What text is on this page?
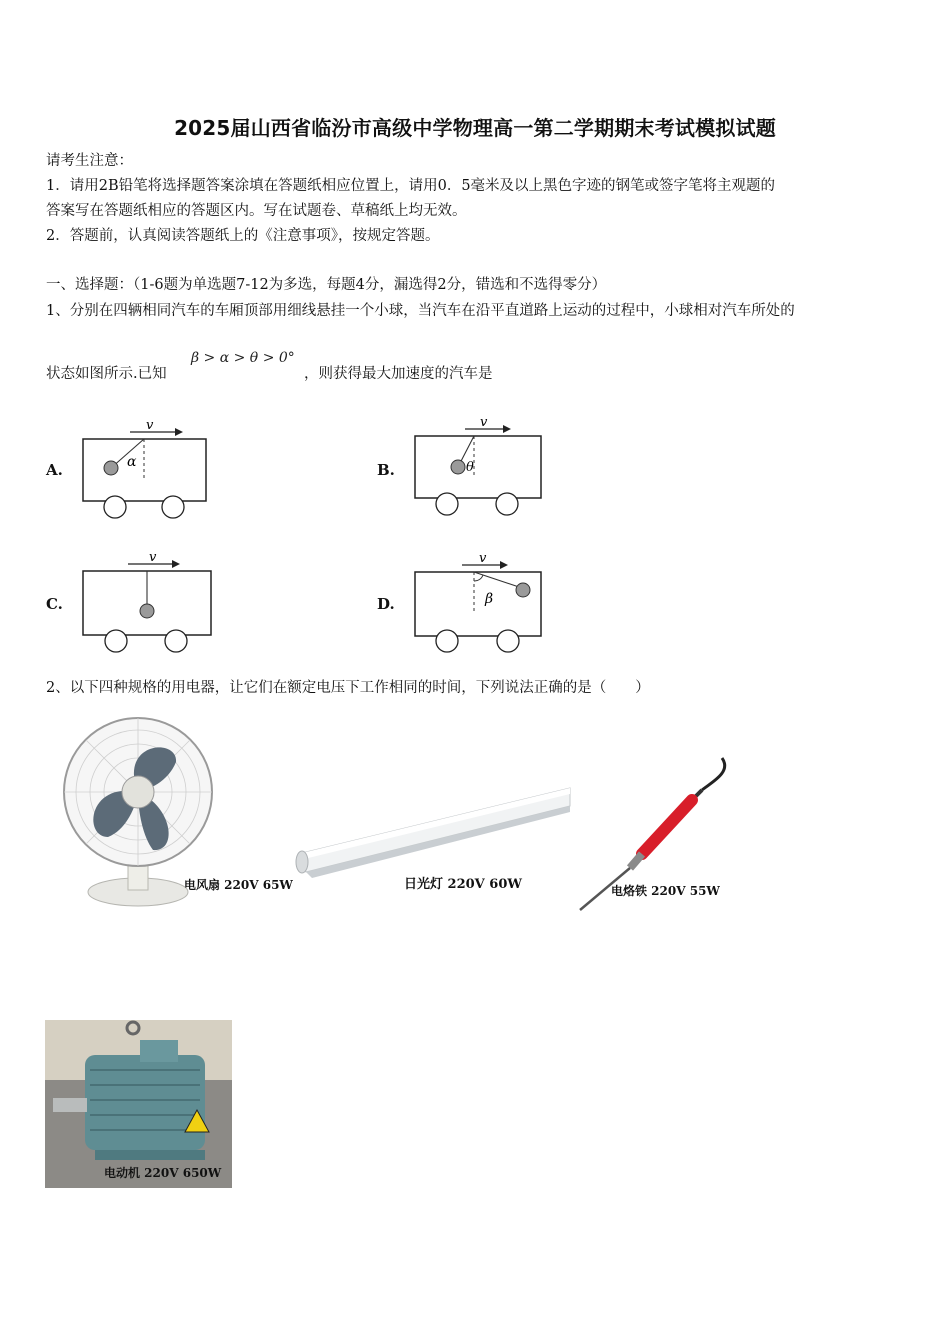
2025届山西省临汾市高级中学物理高一第二学期期末考试模拟试题
请考生注意：
1．请用2B铅笔将选择题答案涂填在答题纸相应位置上，请用0．5毫米及以上黑色字迹的钢笔或签字笔将主观题的
答案写在答题纸相应的答题区内。写在试题卷、草稿纸上均无效。
2．答题前，认真阅读答题纸上的《注意事项》，按规定答题。
一、选择题：（1-6题为单选题7-12为多选，每题4分，漏选得2分，错选和不选得零分）
1、分别在四辆相同汽车的车厢顶部用细线悬挂一个小球，当汽车在沿平直道路上运动的过程中，小球相对汽车所处的
状态如图所示.已知
β > α > θ > 0°
，则获得最大加速度的汽车是
A.
v
α	B.
v
θ
C.
v
D.
v
β
2、以下四种规格的用电器，让它们在额定电压下工作相同的时间，下列说法正确的是（　　）
电风扇 220V 65W	日光灯 220V 60W	电烙铁 220V 55W
电动机 220V 650W
